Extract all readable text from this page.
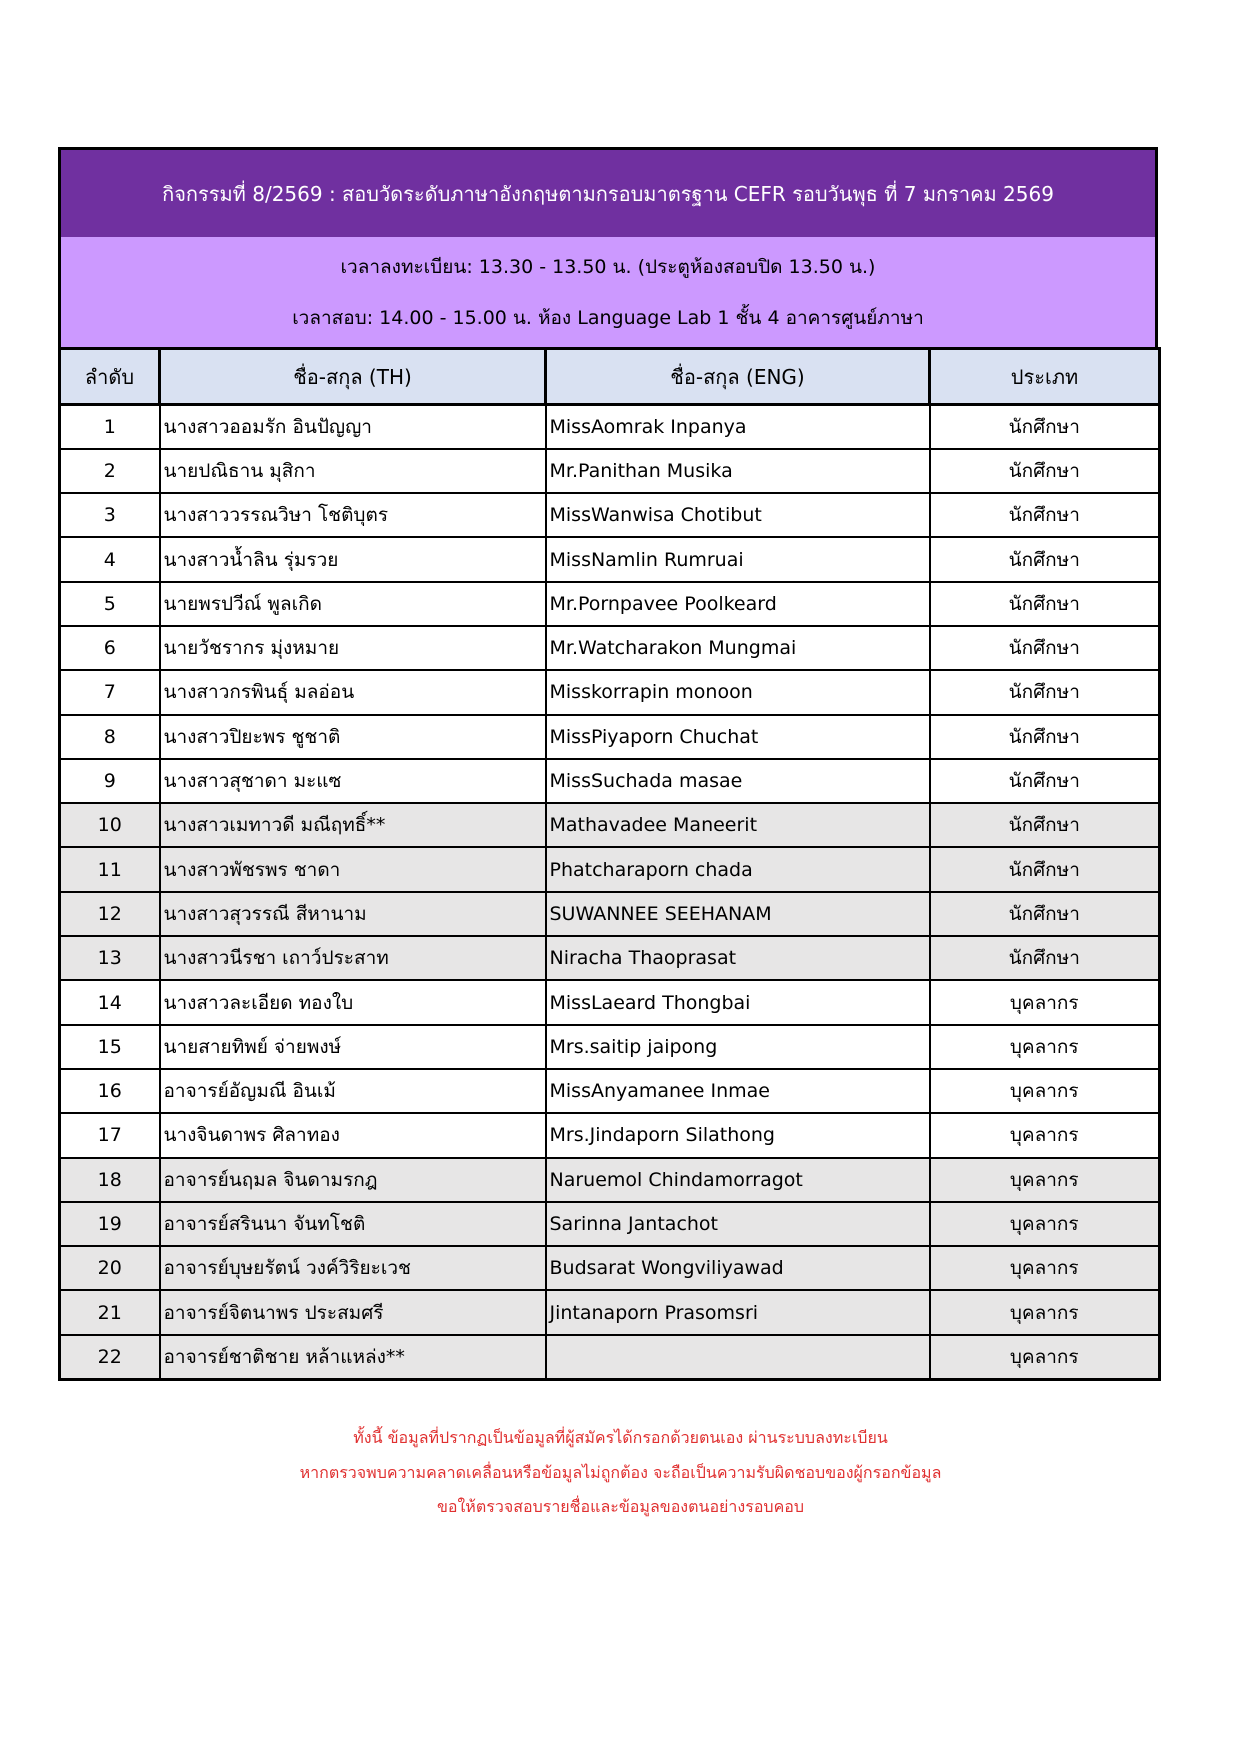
กิจกรรมที่ 8/2569 : สอบวัดระดับภาษาอังกฤษตามกรอบมาตรฐาน CEFR รอบวันพุธ ที่ 7 มกราคม 2569
เวลาลงทะเบียน: 13.30 - 13.50 น. (ประตูห้องสอบปิด 13.50 น.)
เวลาสอบ: 14.00 - 15.00 น. ห้อง Language Lab 1 ชั้น 4 อาคารศูนย์ภาษา
ลำดับ	ชื่อ-สกุล (TH)	ชื่อ-สกุล (ENG)	ประเภท
1	นางสาวออมรัก อินปัญญา	MissAomrak Inpanya	นักศึกษา
2	นายปณิธาน มุสิกา	Mr.Panithan Musika	นักศึกษา
3	นางสาววรรณวิษา โชติบุตร	MissWanwisa Chotibut	นักศึกษา
4	นางสาวน้ำลิน รุ่มรวย	MissNamlin Rumruai	นักศึกษา
5	นายพรปวีณ์ พูลเกิด	Mr.Pornpavee Poolkeard	นักศึกษา
6	นายวัชรากร มุ่งหมาย	Mr.Watcharakon Mungmai	นักศึกษา
7	นางสาวกรพินธุ์ มลอ่อน	Misskorrapin monoon	นักศึกษา
8	นางสาวปิยะพร ชูชาติ	MissPiyaporn Chuchat	นักศึกษา
9	นางสาวสุชาดา มะแซ	MissSuchada masae	นักศึกษา
10	นางสาวเมทาวดี มณีฤทธิ์**	Mathavadee Maneerit	นักศึกษา
11	นางสาวพัชรพร ชาดา	Phatcharaporn chada	นักศึกษา
12	นางสาวสุวรรณี สีหานาม	SUWANNEE SEEHANAM	นักศึกษา
13	นางสาวนีรชา เถาว์ประสาท	Niracha Thaoprasat	นักศึกษา
14	นางสาวละเอียด ทองใบ	MissLaeard Thongbai	บุคลากร
15	นายสายทิพย์ จ่ายพงษ์	Mrs.saitip jaipong	บุคลากร
16	อาจารย์อัญมณี อินเม้	MissAnyamanee Inmae	บุคลากร
17	นางจินดาพร ศิลาทอง	Mrs.Jindaporn Silathong	บุคลากร
18	อาจารย์นฤมล จินดามรกฎ	Naruemol Chindamorragot	บุคลากร
19	อาจารย์สรินนา จันทโชติ	Sarinna Jantachot	บุคลากร
20	อาจารย์บุษยรัตน์ วงค์วิริยะเวช	Budsarat Wongviliyawad	บุคลากร
21	อาจารย์จิตนาพร ประสมศรี	Jintanaporn Prasomsri	บุคลากร
22	อาจารย์ชาติชาย หล้าแหล่ง**		บุคลากร
ทั้งนี้ ข้อมูลที่ปรากฏเป็นข้อมูลที่ผู้สมัครได้กรอกด้วยตนเอง ผ่านระบบลงทะเบียน
หากตรวจพบความคลาดเคลื่อนหรือข้อมูลไม่ถูกต้อง จะถือเป็นความรับผิดชอบของผู้กรอกข้อมูล
ขอให้ตรวจสอบรายชื่อและข้อมูลของตนอย่างรอบคอบ
